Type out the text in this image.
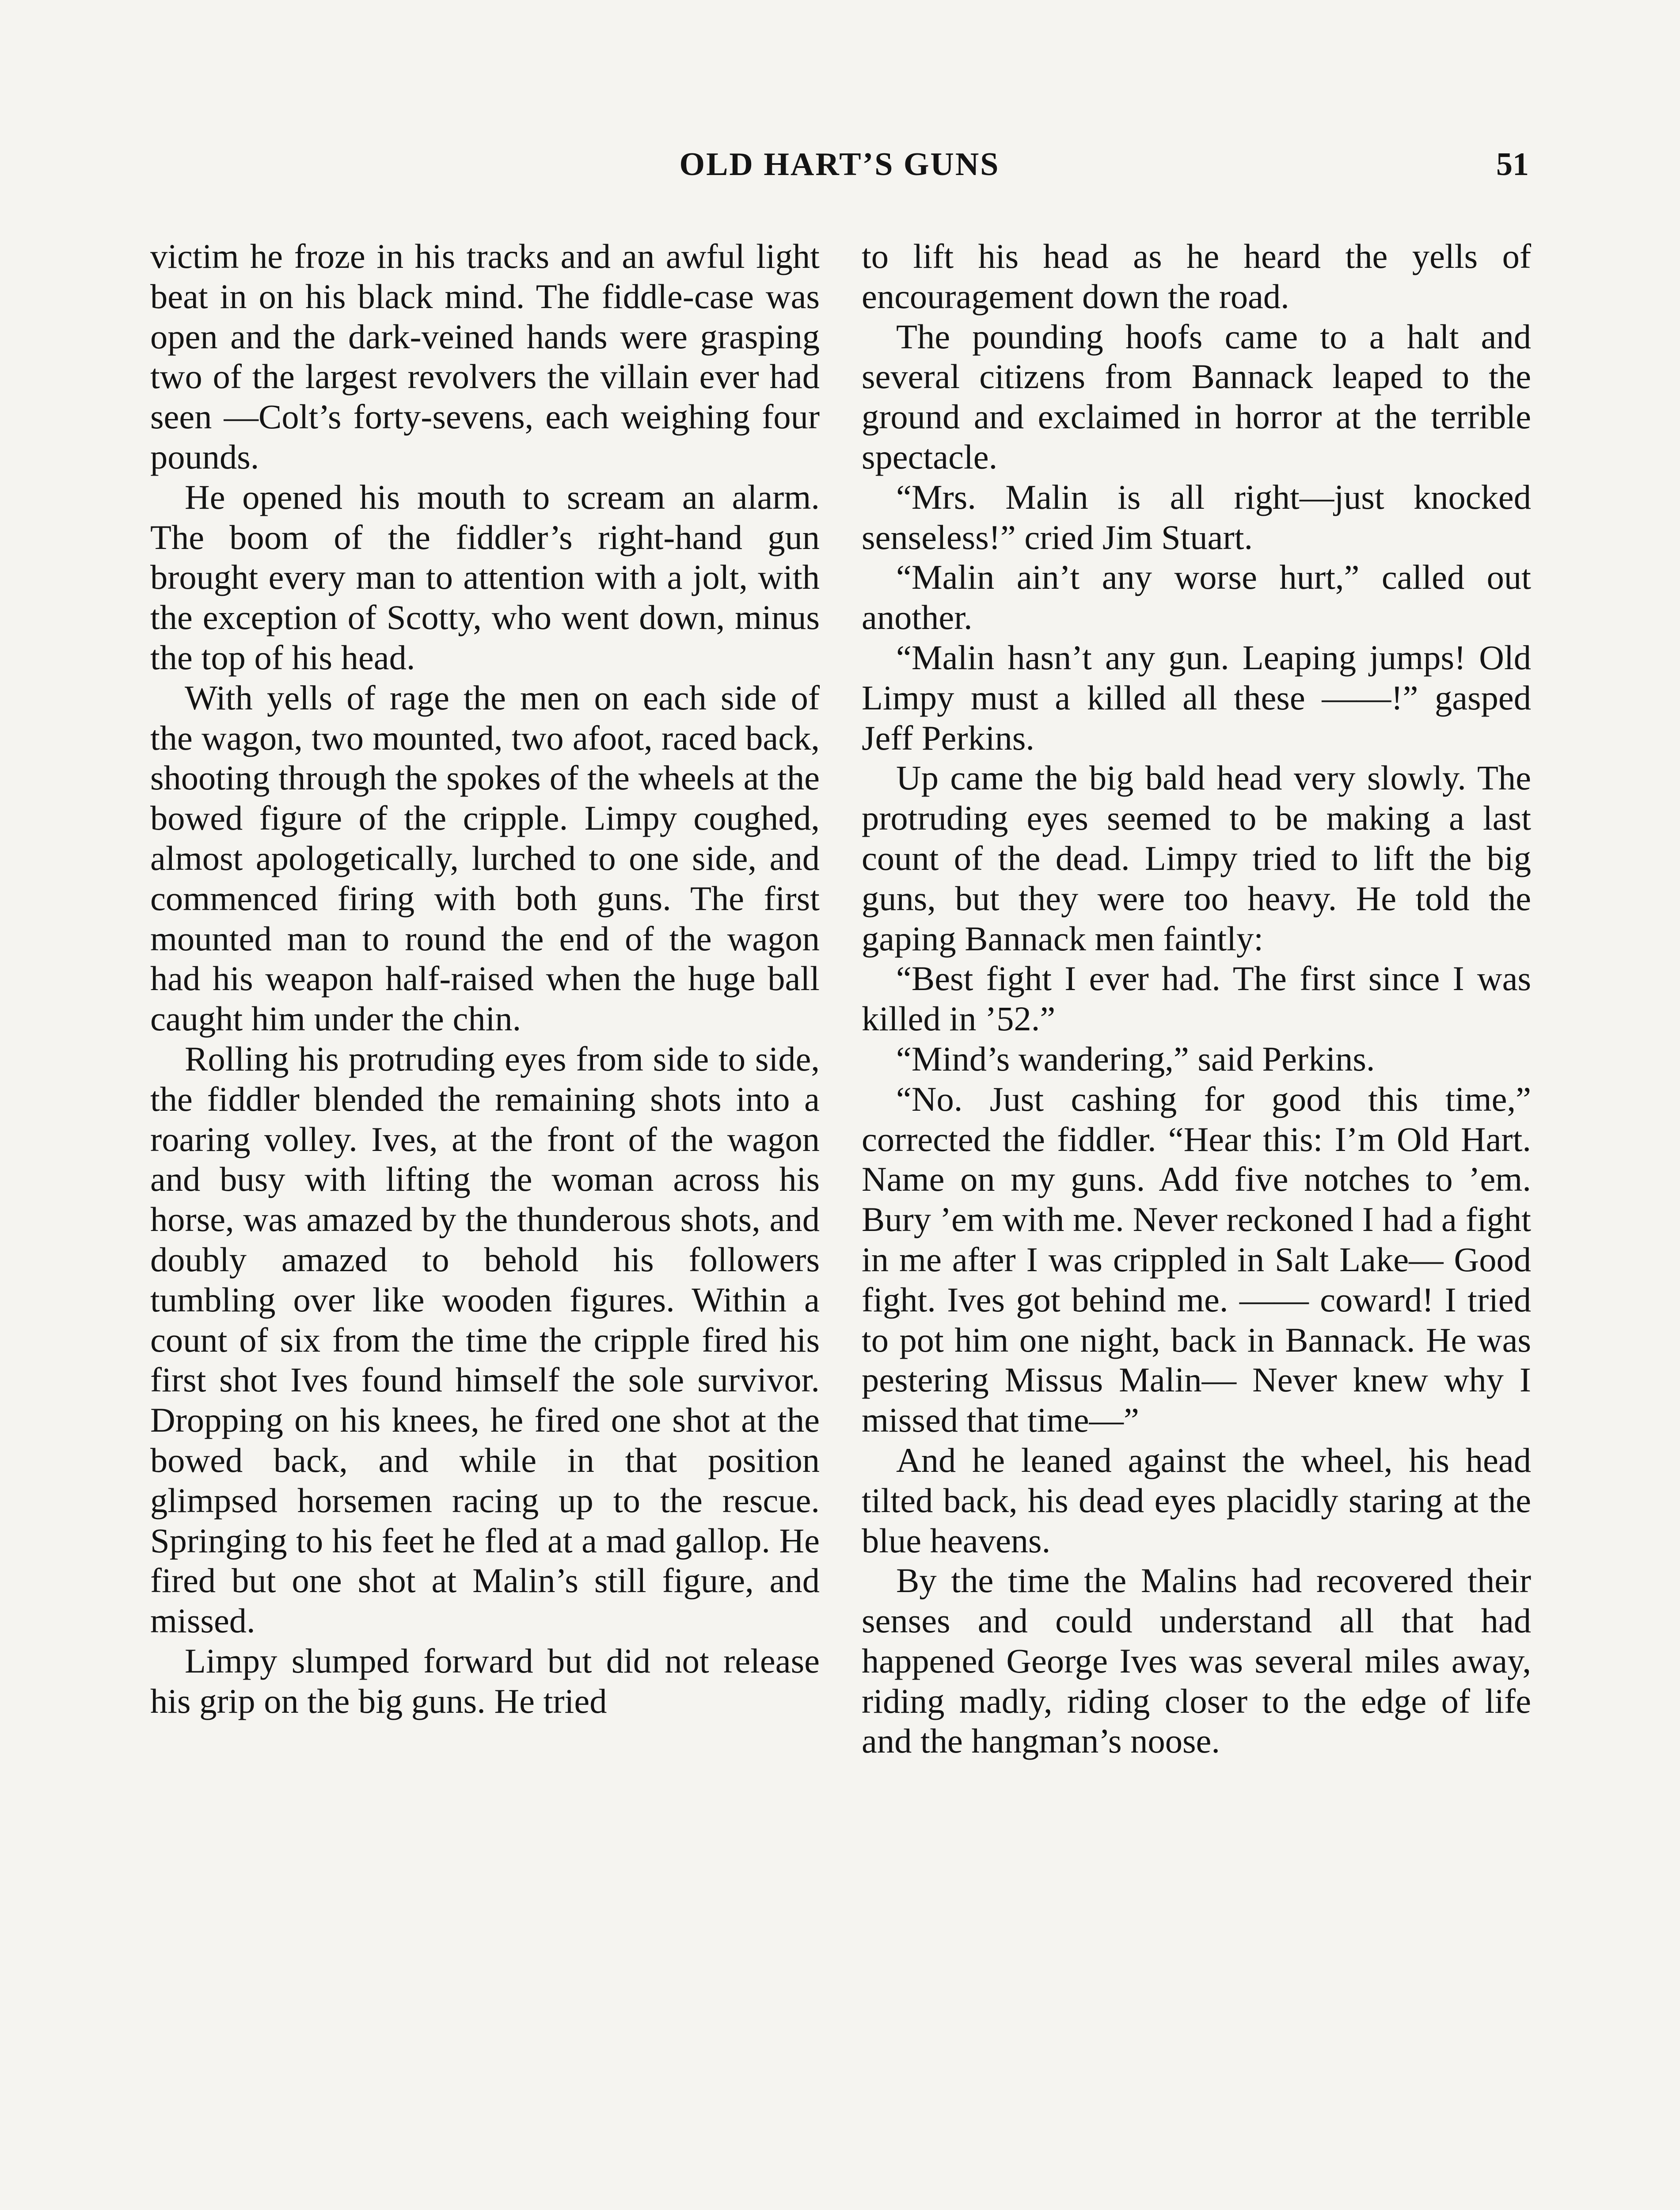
OLD HART’S GUNS	51

victim he froze in his tracks and an awful light beat in on his black mind. The fiddle-case was open and the dark-veined hands were grasping two of the largest revolvers the villain ever had seen —Colt’s forty-sevens, each weighing four pounds.

He opened his mouth to scream an alarm. The boom of the fiddler’s right-hand gun brought every man to attention with a jolt, with the exception of Scotty, who went down, minus the top of his head.

With yells of rage the men on each side of the wagon, two mounted, two afoot, raced back, shooting through the spokes of the wheels at the bowed figure of the cripple. Limpy coughed, almost apologetically, lurched to one side, and commenced firing with both guns. The first mounted man to round the end of the wagon had his weapon half-raised when the huge ball caught him under the chin.

Rolling his protruding eyes from side to side, the fiddler blended the remaining shots into a roaring volley. Ives, at the front of the wagon and busy with lifting the woman across his horse, was amazed by the thunderous shots, and doubly amazed to behold his followers tumbling over like wooden figures. Within a count of six from the time the cripple fired his first shot Ives found himself the sole survivor. Dropping on his knees, he fired one shot at the bowed back, and while in that position glimpsed horsemen racing up to the rescue. Springing to his feet he fled at a mad gallop. He fired but one shot at Malin’s still figure, and missed.

Limpy slumped forward but did not release his grip on the big guns. He tried

to lift his head as he heard the yells of encouragement down the road.

The pounding hoofs came to a halt and several citizens from Bannack leaped to the ground and exclaimed in horror at the terrible spectacle.

“Mrs. Malin is all right—just knocked senseless!” cried Jim Stuart.

“Malin ain’t any worse hurt,” called out another.

“Malin hasn’t any gun. Leaping jumps! Old Limpy must a killed all these ——!” gasped Jeff Perkins.

Up came the big bald head very slowly. The protruding eyes seemed to be making a last count of the dead. Limpy tried to lift the big guns, but they were too heavy. He told the gaping Bannack men faintly:

“Best fight I ever had. The first since I was killed in ’52.”

“Mind’s wandering,” said Perkins.

“No. Just cashing for good this time,” corrected the fiddler. “Hear this: I’m Old Hart. Name on my guns. Add five notches to ’em. Bury ’em with me. Never reckoned I had a fight in me after I was crippled in Salt Lake— Good fight. Ives got behind me. —— coward! I tried to pot him one night, back in Bannack. He was pestering Missus Malin— Never knew why I missed that time—”

And he leaned against the wheel, his head tilted back, his dead eyes placidly staring at the blue heavens.

By the time the Malins had recovered their senses and could understand all that had happened George Ives was several miles away, riding madly, riding closer to the edge of life and the hangman’s noose.
